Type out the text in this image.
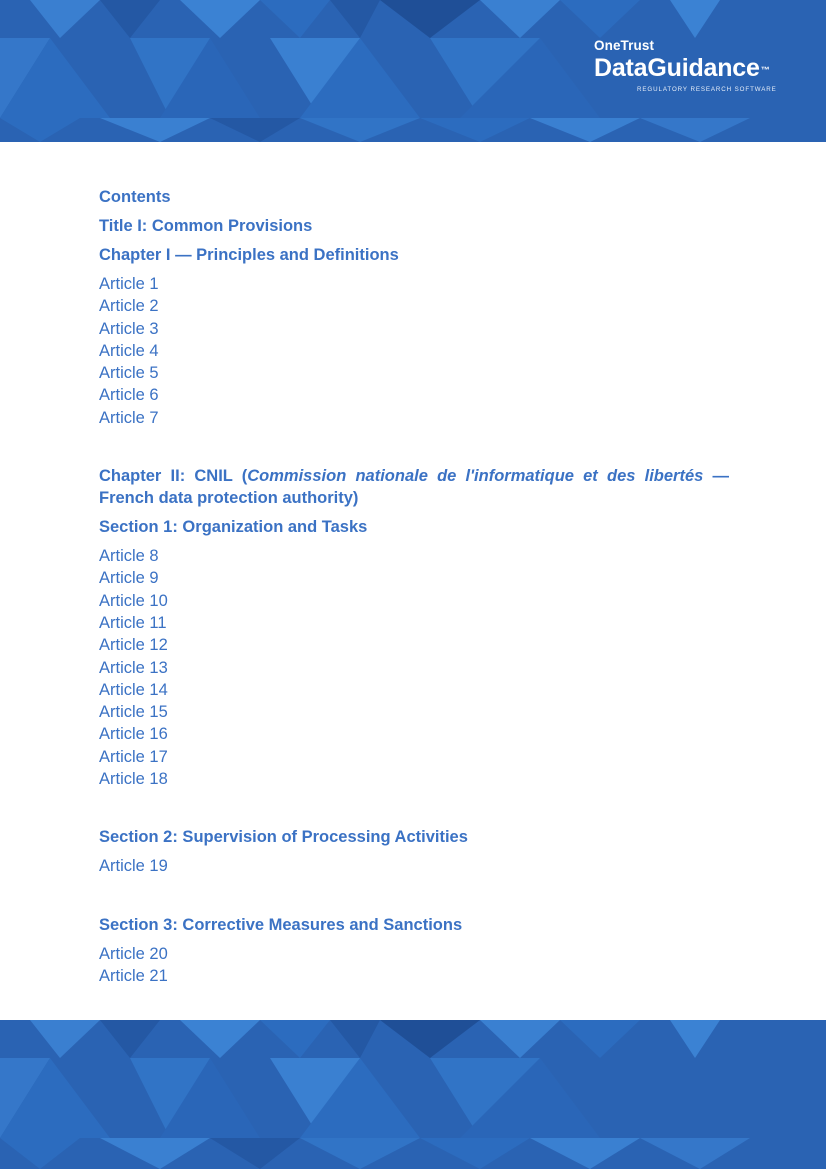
OneTrust
DataGuidance™
REGULATORY RESEARCH SOFTWARE
Contents
Title I: Common Provisions
Chapter I — Principles and Definitions
Article 1
Article 2
Article 3
Article 4
Article 5
Article 6
Article 7
Chapter II: CNIL (Commission nationale de l'informatique et des libertés — French data protection authority)
Section 1: Organization and Tasks
Article 8
Article 9
Article 10
Article 11
Article 12
Article 13
Article 14
Article 15
Article 16
Article 17
Article 18
Section 2: Supervision of Processing Activities
Article 19
Section 3: Corrective Measures and Sanctions
Article 20
Article 21
